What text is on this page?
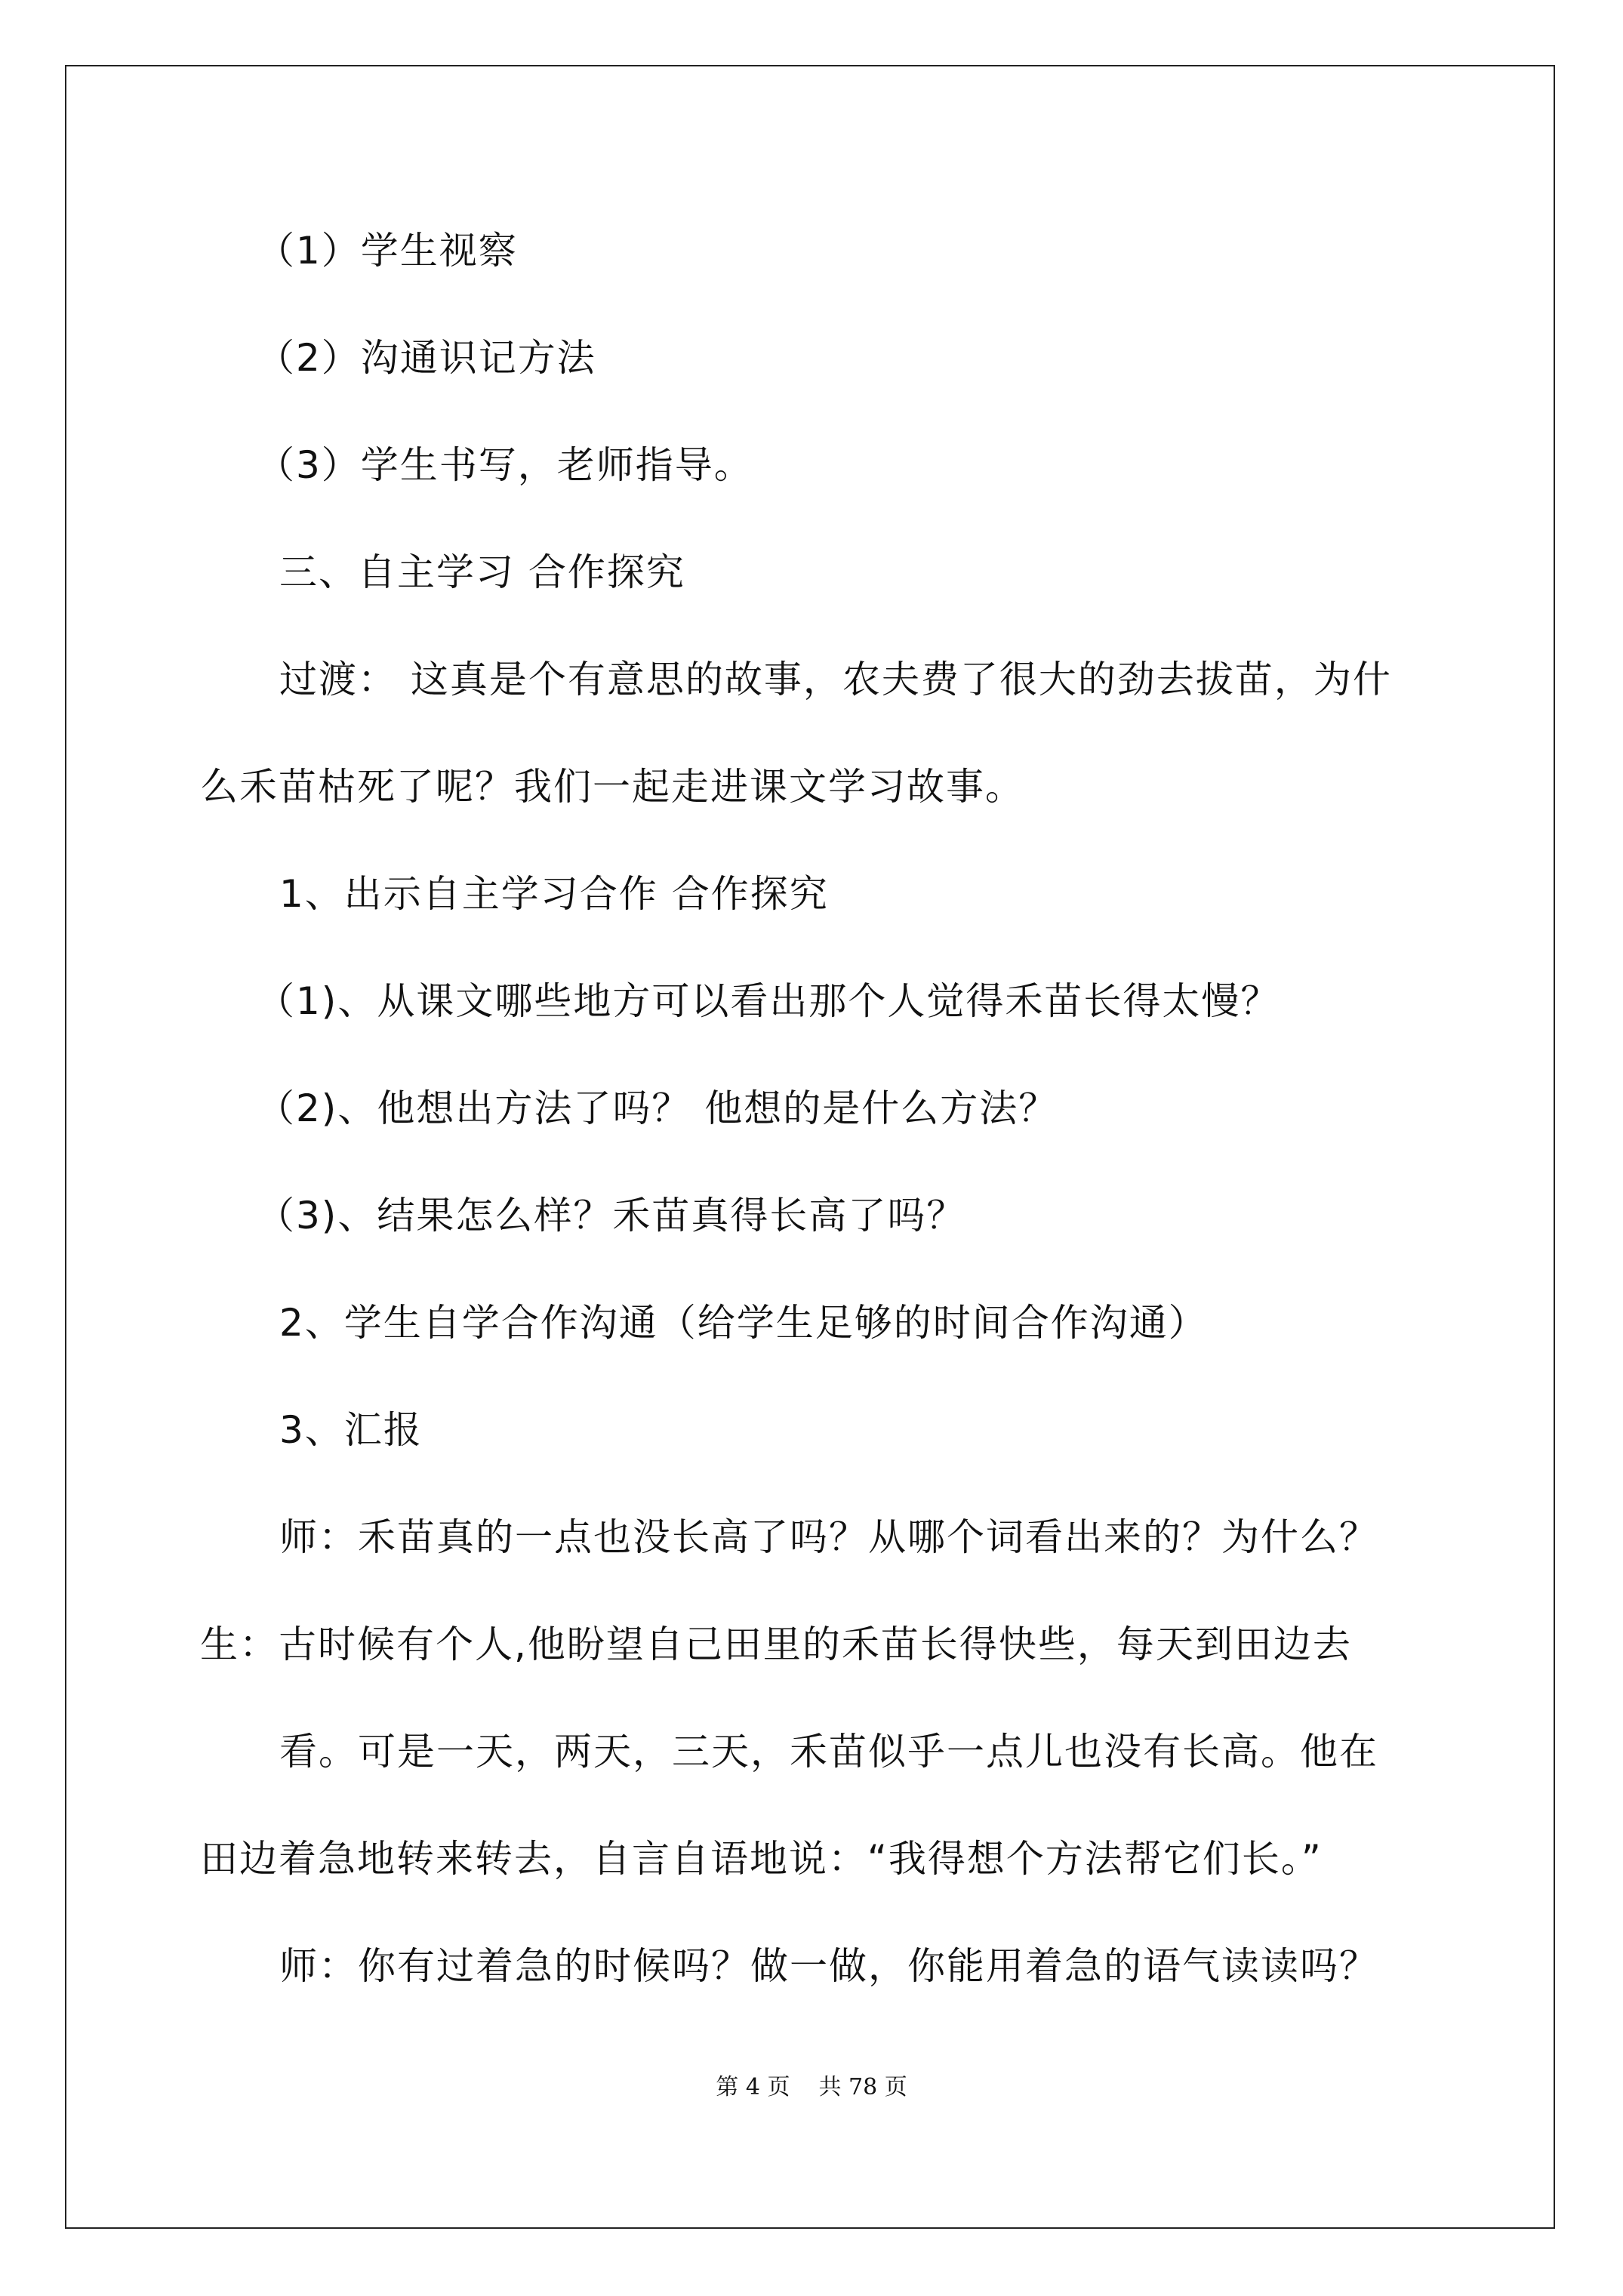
（1）学生视察
（2）沟通识记方法
（3）学生书写，老师指导。
三、自主学习 合作探究
过渡： 这真是个有意思的故事，农夫费了很大的劲去拔苗，为什
么禾苗枯死了呢？我们一起走进课文学习故事。
1、出示自主学习合作 合作探究
（1)、从课文哪些地方可以看出那个人觉得禾苗长得太慢？
（2)、他想出方法了吗？ 他想的是什么方法？
（3)、结果怎么样？禾苗真得长高了吗？
2、学生自学合作沟通（给学生足够的时间合作沟通）
3、汇报
师：禾苗真的一点也没长高了吗？从哪个词看出来的？为什么？
生：古时候有个人,他盼望自己田里的禾苗长得快些，每天到田边去
看。可是一天，两天，三天，禾苗似乎一点儿也没有长高。他在
田边着急地转来转去，自言自语地说：“我得想个方法帮它们长。”
师：你有过着急的时候吗？做一做，你能用着急的语气读读吗？
第 4 页 共 78 页
